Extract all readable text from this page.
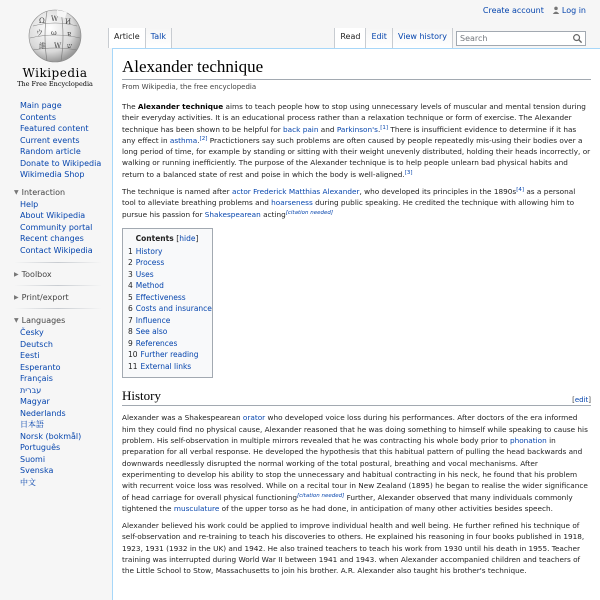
Create account	Log in
Ω W И
ウ ω ɐ
維 W ש
Wikipedia
The Free Encyclopedia
Main page
Contents
Featured content
Current events
Random article
Donate to Wikipedia
Wikimedia Shop
▼ Interaction
Help
About Wikipedia
Community portal
Recent changes
Contact Wikipedia
▶ Toolbox
▶ Print/export
▼ Languages
Česky
Deutsch
Eesti
Esperanto
Français
עברית
Magyar
Nederlands
日本語
Norsk (bokmål)
Português
Suomi
Svenska
中文
Article	Talk	Read	Edit	View history	Search
Alexander technique
From Wikipedia, the free encyclopedia

The Alexander technique aims to teach people how to stop using unnecessary levels of muscular and mental tension during their everyday activities. It is an educational process rather than a relaxation technique or form of exercise. The Alexander technique has been shown to be helpful for back pain and Parkinson's.[1] There is insufficient evidence to determine if it has any effect in asthma.[2] Practictioners say such problems are often caused by people repeatedly mis-using their bodies over a long period of time, for example by standing or sitting with their weight unevenly distributed, holding their heads incorrectly, or walking or running inefficiently. The purpose of the Alexander technique is to help people unlearn bad physical habits and return to a balanced state of rest and poise in which the body is well-aligned.[3]

The technique is named after actor Frederick Matthias Alexander, who developed its principles in the 1890s[4] as a personal tool to alleviate breathing problems and hoarseness during public speaking. He credited the technique with allowing him to pursue his passion for Shakespearean acting[citation needed]

Contents [hide]
1 History
2 Process
3 Uses
4 Method
5 Effectiveness
6 Costs and insurance
7 Influence
8 See also
9 References
10 Further reading
11 External links
History	[edit]

Alexander was a Shakespearean orator who developed voice loss during his performances. After doctors of the era informed him they could find no physical cause, Alexander reasoned that he was doing something to himself while speaking to cause his problem. His self-observation in multiple mirrors revealed that he was contracting his whole body prior to phonation in preparation for all verbal response. He developed the hypothesis that this habitual pattern of pulling the head backwards and downwards needlessly disrupted the normal working of the total postural, breathing and vocal mechanisms. After experimenting to develop his ability to stop the unnecessary and habitual contracting in his neck, he found that his problem with recurrent voice loss was resolved. While on a recital tour in New Zealand (1895) he began to realise the wider significance of head carriage for overall physical functioning[citation needed] Further, Alexander observed that many individuals commonly tightened the musculature of the upper torso as he had done, in anticipation of many other activities besides speech.

Alexander believed his work could be applied to improve individual health and well being. He further refined his technique of self-observation and re-training to teach his discoveries to others. He explained his reasoning in four books published in 1918, 1923, 1931 (1932 in the UK) and 1942. He also trained teachers to teach his work from 1930 until his death in 1955. Teacher training was interrupted during World War II between 1941 and 1943. when Alexander accompanied children and teachers of the Little School to Stow, Massachusetts to join his brother. A.R. Alexander also taught his brother's technique.
